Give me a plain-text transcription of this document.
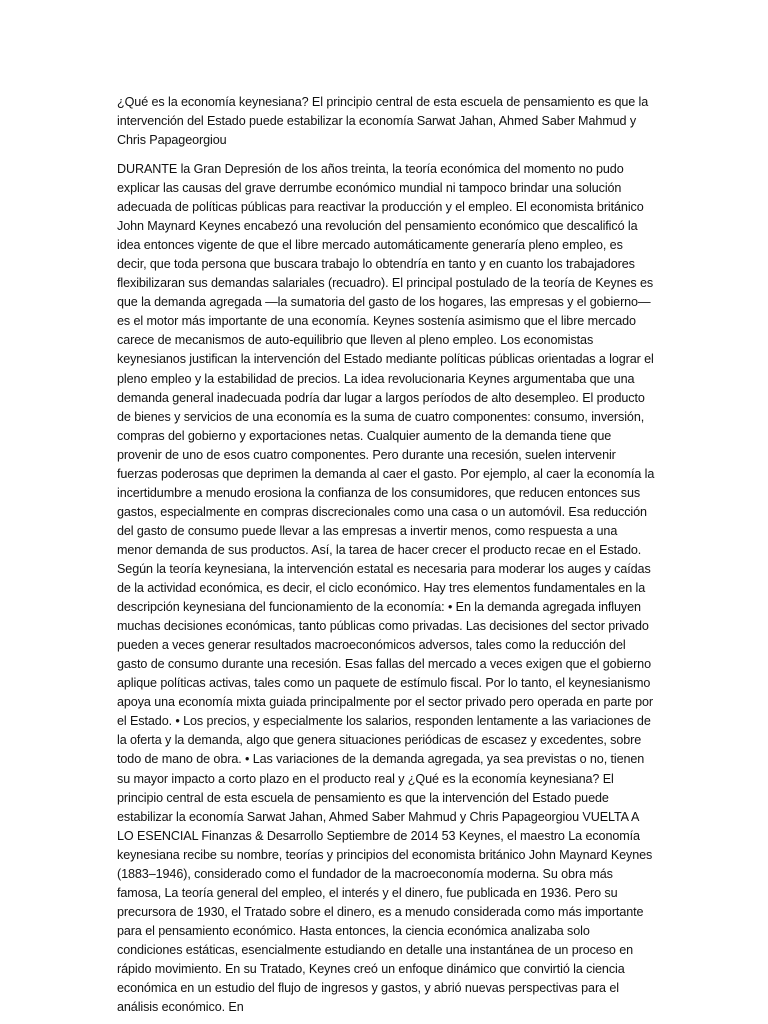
¿Qué es la economía keynesiana? El principio central de esta escuela de pensamiento es que la intervención del Estado puede estabilizar la economía Sarwat Jahan, Ahmed Saber Mahmud y Chris Papageorgiou

DURANTE la Gran Depresión de los años treinta, la teoría económica del momento no pudo explicar las causas del grave derrumbe económico mundial ni tampoco brindar una solución adecuada de políticas públicas para reactivar la producción y el empleo. El economista británico John Maynard Keynes encabezó una revolución del pensamiento económico que descalificó la idea entonces vigente de que el libre mercado automáticamente generaría pleno empleo, es decir, que toda persona que buscara trabajo lo obtendría en tanto y en cuanto los trabajadores flexibilizaran sus demandas salariales (recuadro). El principal postulado de la teoría de Keynes es que la demanda agregada —la sumatoria del gasto de los hogares, las empresas y el gobierno— es el motor más importante de una economía. Keynes sostenía asimismo que el libre mercado carece de mecanismos de auto-equilibrio que lleven al pleno empleo. Los economistas keynesianos justifican la intervención del Estado mediante políticas públicas orientadas a lograr el pleno empleo y la estabilidad de precios. La idea revolucionaria Keynes argumentaba que una demanda general inadecuada podría dar lugar a largos períodos de alto desempleo. El producto de bienes y servicios de una economía es la suma de cuatro componentes: consumo, inversión, compras del gobierno y exportaciones netas. Cualquier aumento de la demanda tiene que provenir de uno de esos cuatro componentes. Pero durante una recesión, suelen intervenir fuerzas poderosas que deprimen la demanda al caer el gasto. Por ejemplo, al caer la economía la incertidumbre a menudo erosiona la confianza de los consumidores, que reducen entonces sus gastos, especialmente en compras discrecionales como una casa o un automóvil. Esa reducción del gasto de consumo puede llevar a las empresas a invertir menos, como respuesta a una menor demanda de sus productos. Así, la tarea de hacer crecer el producto recae en el Estado. Según la teoría keynesiana, la intervención estatal es necesaria para moderar los auges y caídas de la actividad económica, es decir, el ciclo económico. Hay tres elementos fundamentales en la descripción keynesiana del funcionamiento de la economía: • En la demanda agregada influyen muchas decisiones económicas, tanto públicas como privadas. Las decisiones del sector privado pueden a veces generar resultados macroeconómicos adversos, tales como la reducción del gasto de consumo durante una recesión. Esas fallas del mercado a veces exigen que el gobierno aplique políticas activas, tales como un paquete de estímulo fiscal. Por lo tanto, el keynesianismo apoya una economía mixta guiada principalmente por el sector privado pero operada en parte por el Estado. • Los precios, y especialmente los salarios, responden lentamente a las variaciones de la oferta y la demanda, algo que genera situaciones periódicas de escasez y excedentes, sobre todo de mano de obra. • Las variaciones de la demanda agregada, ya sea previstas o no, tienen su mayor impacto a corto plazo en el producto real y ¿Qué es la economía keynesiana? El principio central de esta escuela de pensamiento es que la intervención del Estado puede estabilizar la economía Sarwat Jahan, Ahmed Saber Mahmud y Chris Papageorgiou VUELTA A LO ESENCIAL Finanzas & Desarrollo Septiembre de 2014 53 Keynes, el maestro La economía keynesiana recibe su nombre, teorías y principios del economista británico John Maynard Keynes (1883–1946), considerado como el fundador de la macroeconomía moderna. Su obra más famosa, La teoría general del empleo, el interés y el dinero, fue publicada en 1936. Pero su precursora de 1930, el Tratado sobre el dinero, es a menudo considerada como más importante para el pensamiento económico. Hasta entonces, la ciencia económica analizaba solo condiciones estáticas, esencialmente estudiando en detalle una instantánea de un proceso en rápido movimiento. En su Tratado, Keynes creó un enfoque dinámico que convirtió la ciencia económica en un estudio del flujo de ingresos y gastos, y abrió nuevas perspectivas para el análisis económico. En
